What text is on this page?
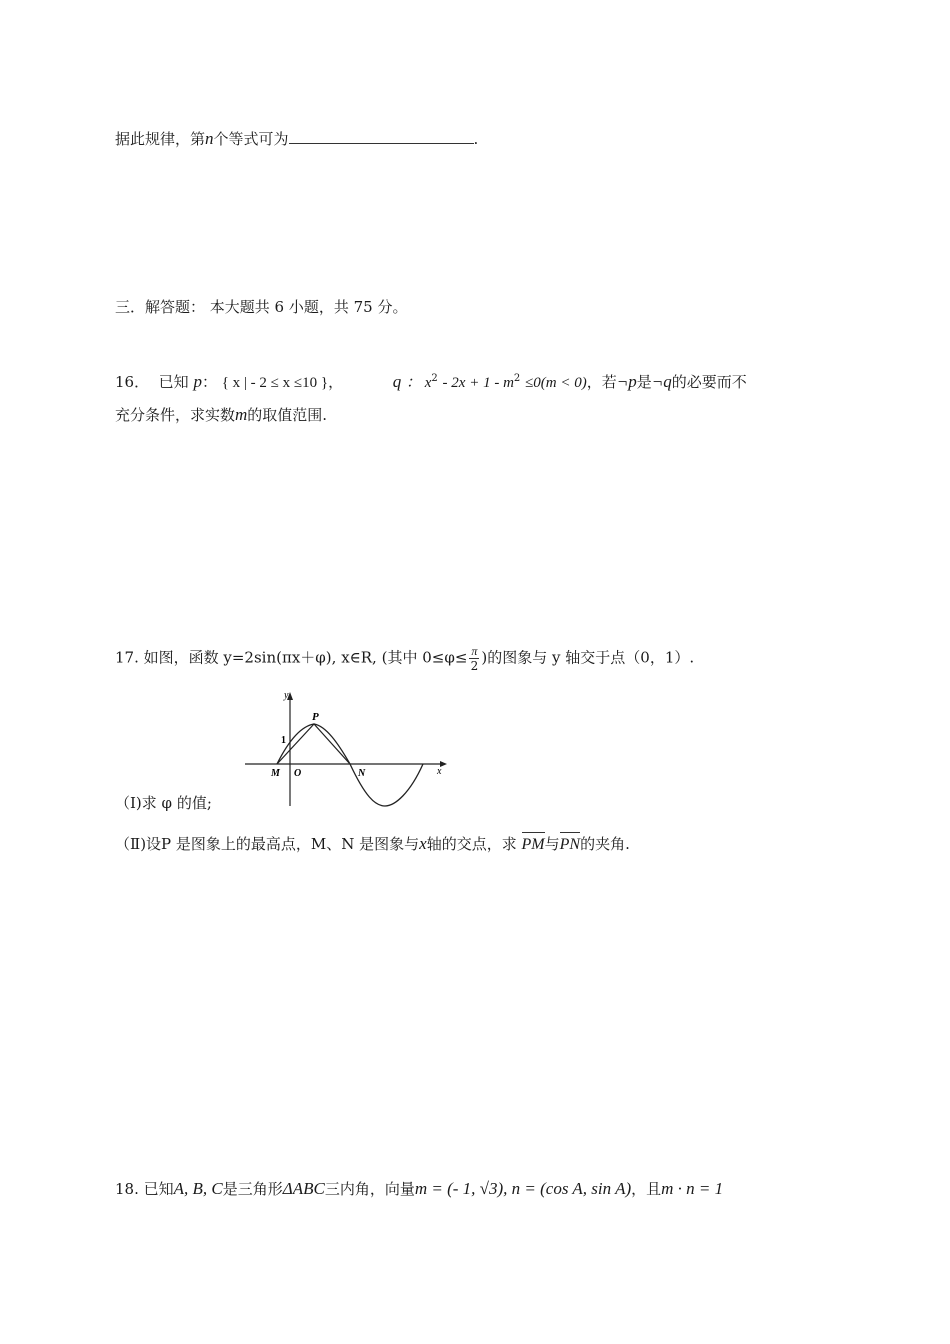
据此规律，第n个等式可为	.
三．解答题： 本大题共 6 小题，共 75 分。
16． 已知 p： { x | - 2 ≤ x ≤10 }，	q ： $x^2 - 2x + 1 - m^2 \le 0(m < 0)$，若¬p是¬q的必要而不
充分条件，求实数m的取值范围.
17. 如图，函数 y=2sin(πx＋φ), x∈R, (其中 $0\le\varphi\le \frac{\pi}{2}$ )的图象与 y 轴交于点（0，1）.
y
x
P
1
M O	N
（Ⅰ)求 φ 的值;
（Ⅱ)设P 是图象上的最高点，M、N 是图象与x轴的交点，求 PM与PN的夹角.
18. 已知A, B, C是三角形ΔABC三内角，向量m = (- 1, √3), n = (cos A, sin A)，且m · n = 1
